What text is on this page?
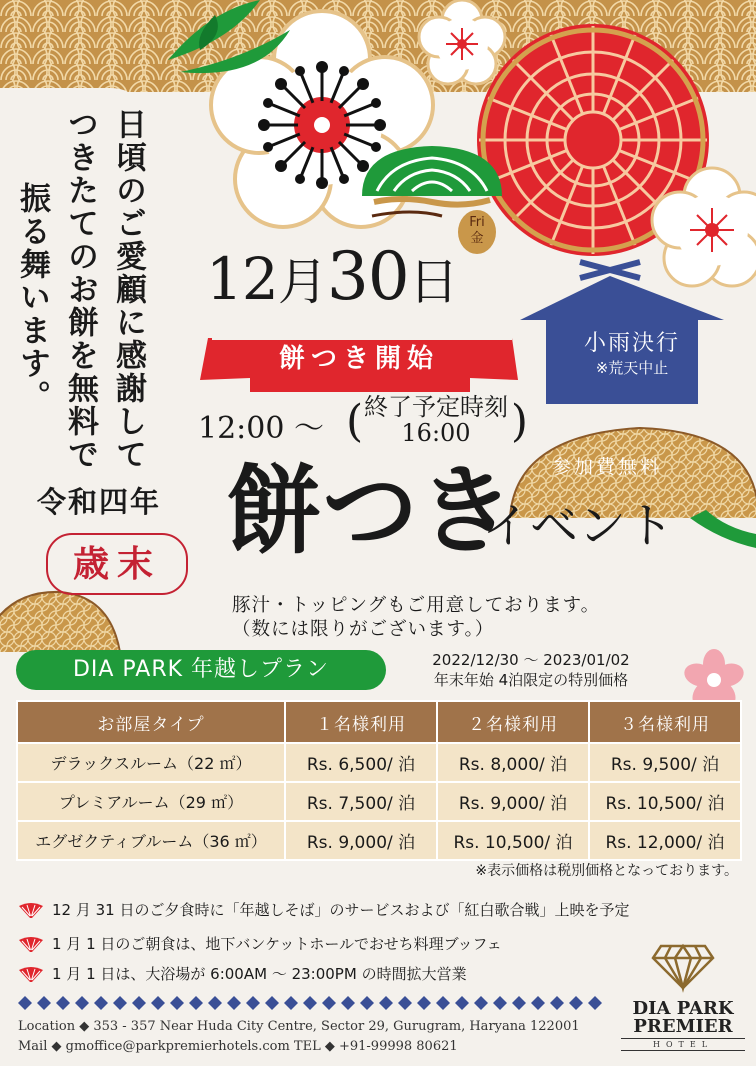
日頃のご愛顧に感謝して
つきたてのお餅を無料で
振る舞います。	12月30日
Fri
金
餅つき開始
12:00 〜 ( 終了予定時刻
16:00 )
小雨決行
※荒天中止
令和四年
歳末 餅つき
イベント
参加費無料
豚汁・トッピングもご用意しております。
（数には限りがございます。）
DIA PARK 年越しプラン	2022/12/30 〜 2023/01/02
年末年始 4泊限定の特別価格
お部屋タイプ	１名様利用	２名様利用	３名様利用
デラックスルーム（22 ㎡）	Rs. 6,500/ 泊	Rs. 8,000/ 泊	Rs. 9,500/ 泊
プレミアルーム（29 ㎡）	Rs. 7,500/ 泊	Rs. 9,000/ 泊	Rs. 10,500/ 泊
エグゼクティブルーム（36 ㎡）	Rs. 9,000/ 泊	Rs. 10,500/ 泊	Rs. 12,000/ 泊
※表示価格は税別価格となっております。
12 月 31 日のご夕食時に「年越しそば」のサービスおよび「紅白歌合戦」上映を予定
1 月 1 日のご朝食は、地下バンケットホールでおせち料理ブッフェ
1 月 1 日は、大浴場が 6:00AM 〜 23:00PM の時間拡大営業
Location ◆ 353 - 357 Near Huda City Centre, Sector 29, Gurugram, Haryana 122001
Mail ◆ gmoffice@parkpremierhotels.com TEL ◆ +91-99998 80621
DIA PARK
PREMIER
HOTEL
